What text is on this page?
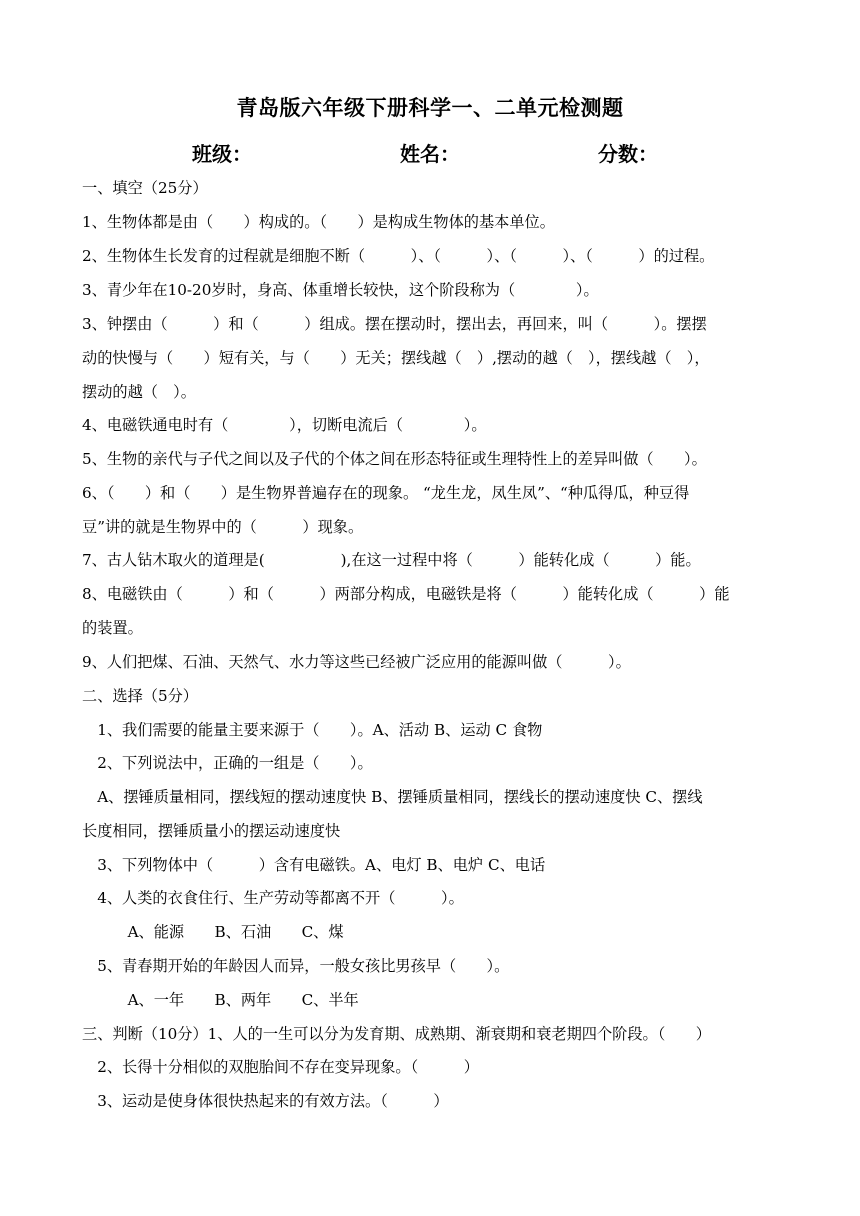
青岛版六年级下册科学一、二单元检测题
班级：	姓名：	分数：
一、填空（25分）
1、生物体都是由（　　）构成的。（　　）是构成生物体的基本单位。
2、生物体生长发育的过程就是细胞不断（　　　）、（　　　）、（　　　）、（　　　）的过程。
3、青少年在10-20岁时，身高、体重增长较快，这个阶段称为（　　　　）。
3、钟摆由（　　　）和（　　　）组成。摆在摆动时，摆出去，再回来，叫（　　　）。摆摆
动的快慢与（　　）短有关，与（　　）无关；摆线越（　）,摆动的越（　），摆线越（　），
摆动的越（　）。
4、电磁铁通电时有（　　　　），切断电流后（　　　　）。
5、生物的亲代与子代之间以及子代的个体之间在形态特征或生理特性上的差异叫做（　　）。
6、（　　）和（　　）是生物界普遍存在的现象。 “龙生龙，凤生凤”、“种瓜得瓜，种豆得
豆”讲的就是生物界中的（　　　）现象。
7、古人钻木取火的道理是(　　　　　),在这一过程中将（　　　）能转化成（　　　）能。
8、电磁铁由（　　　）和（　　　）两部分构成，电磁铁是将（　　　）能转化成（　　　）能
的装置。
9、人们把煤、石油、天然气、水力等这些已经被广泛应用的能源叫做（　　　）。
二、选择（5分）
　1、我们需要的能量主要来源于（　　）。A、活动 B、运动 C 食物
　2、下列说法中，正确的一组是（　　）。
　A、摆锤质量相同，摆线短的摆动速度快 B、摆锤质量相同，摆线长的摆动速度快 C、摆线
长度相同，摆锤质量小的摆运动速度快
　3、下列物体中（　　　）含有电磁铁。A、电灯 B、电炉 C、电话
　4、人类的衣食住行、生产劳动等都离不开（　　　）。
　　　A、能源　　B、石油　　C、煤
　5、青春期开始的年龄因人而异，一般女孩比男孩早（　　）。
　　　A、一年　　B、两年　　C、半年
三、判断（10分）1、人的一生可以分为发育期、成熟期、渐衰期和衰老期四个阶段。（　　）
　2、长得十分相似的双胞胎间不存在变异现象。（　　　）
　3、运动是使身体很快热起来的有效方法。（　　　）
